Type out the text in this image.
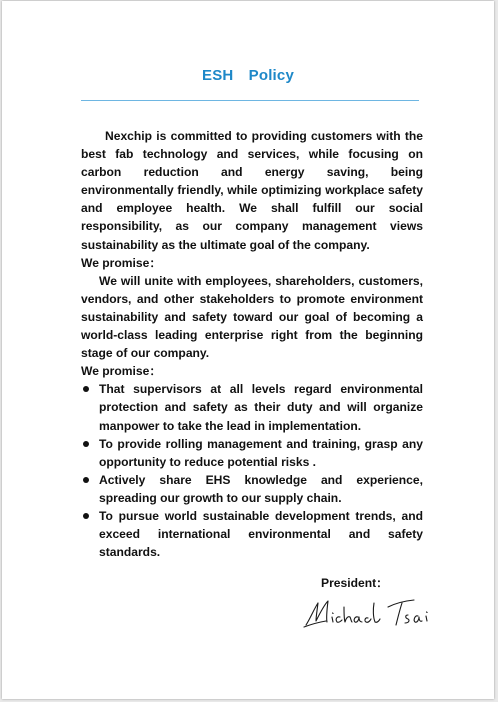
ESH Policy

Nexchip is committed to providing customers with the best fab technology and services, while focusing on carbon reduction and energy saving, being environmentally friendly, while optimizing workplace safety and employee health. We shall fulfill our social responsibility, as our company management views sustainability as the ultimate goal of the company.

We promise：

We will unite with employees, shareholders, customers, vendors, and other stakeholders to promote environment sustainability and safety toward our goal of becoming a world-class leading enterprise right from the beginning stage of our company.

We promise：

That supervisors at all levels regard environmental protection and safety as their duty and will organize manpower to take the lead in implementation.
To provide rolling management and training, grasp any opportunity to reduce potential risks .
Actively share EHS knowledge and experience, spreading our growth to our supply chain.
To pursue world sustainable development trends, and exceed international environmental and safety standards.
President：
